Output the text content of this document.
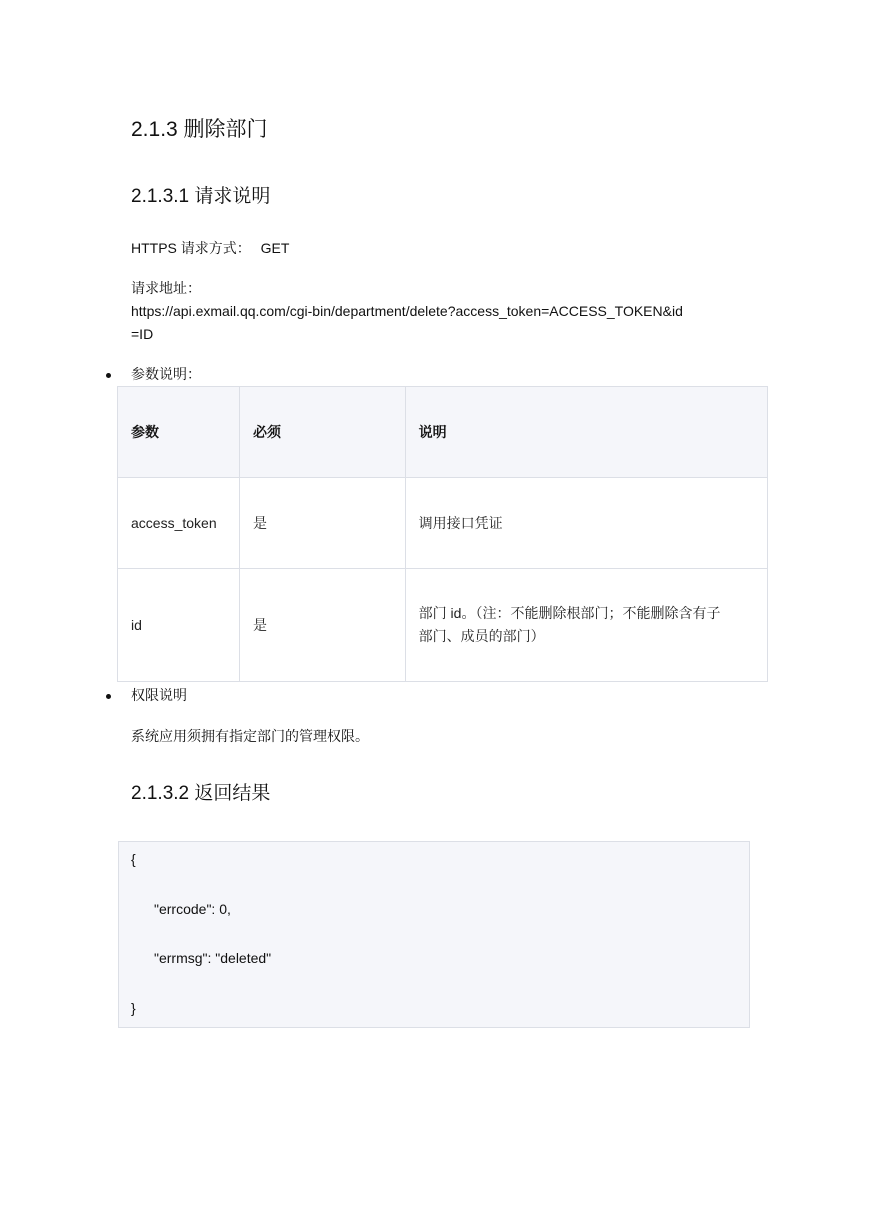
2.1.3 删除部门
2.1.3.1 请求说明
HTTPS 请求方式： GET
请求地址：
https://api.exmail.qq.com/cgi-bin/department/delete?access_token=ACCESS_TOKEN&id
=ID
参数说明：
参数	必须	说明
access_token	是	调用接口凭证
id	是	部门 id。（注：不能删除根部门；不能删除含有子
部门、成员的部门）
权限说明
系统应用须拥有指定部门的管理权限。
2.1.3.2 返回结果
{
"errcode": 0,
"errmsg": "deleted"
}
